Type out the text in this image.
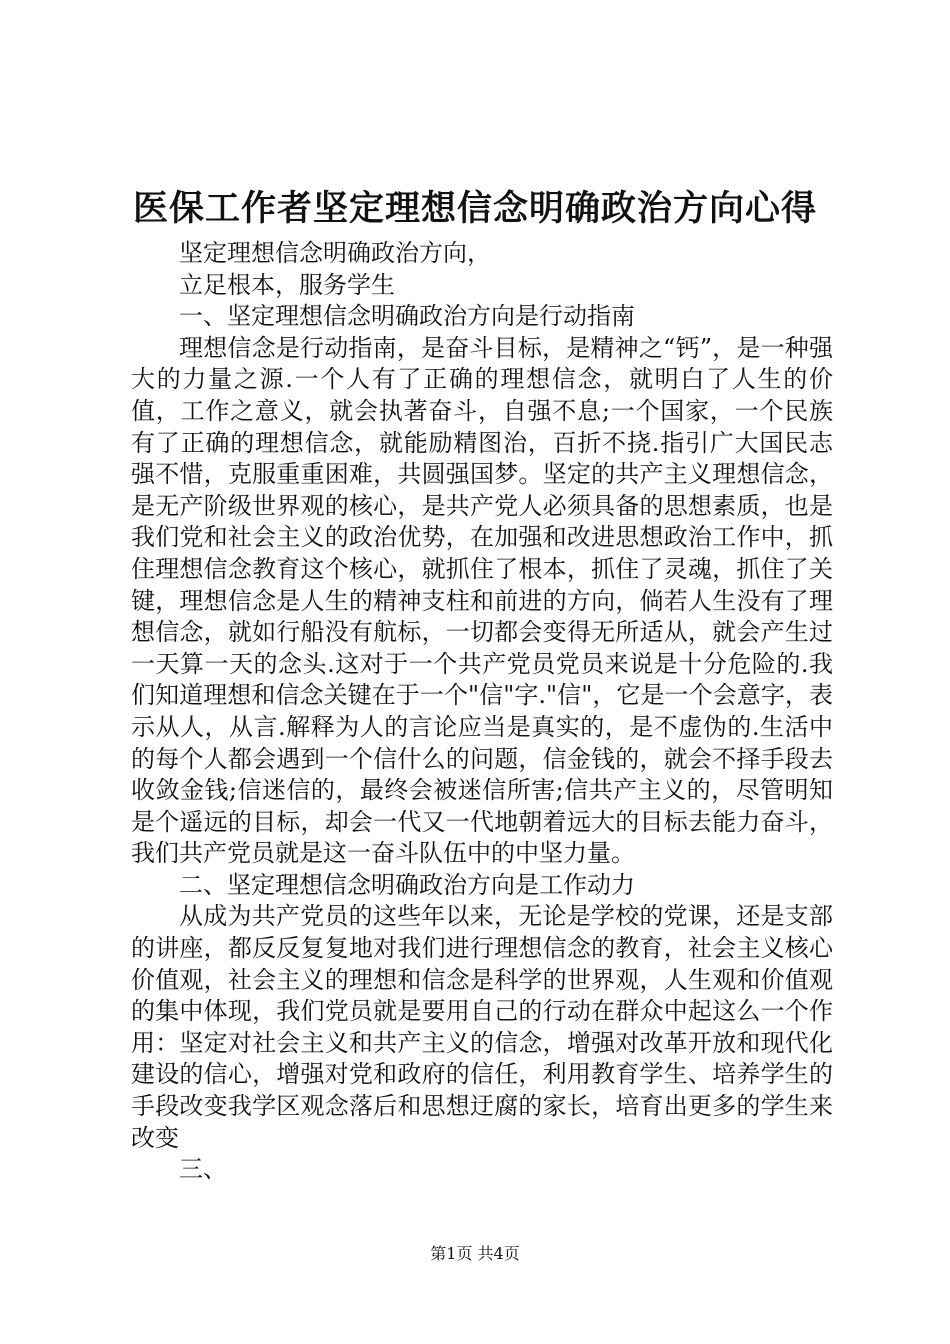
医保工作者坚定理想信念明确政治方向心得

坚定理想信念明确政治方向，

立足根本，服务学生

一、坚定理想信念明确政治方向是行动指南

理想信念是行动指南，是奋斗目标，是精神之“钙”，是一种强大的力量之源.一个人有了正确的理想信念，就明白了人生的价值，工作之意义，就会执著奋斗，自强不息;一个国家，一个民族有了正确的理想信念，就能励精图治，百折不挠.指引广大国民志强不惜，克服重重困难，共圆强国梦。坚定的共产主义理想信念，是无产阶级世界观的核心，是共产党人必须具备的思想素质，也是我们党和社会主义的政治优势，在加强和改进思想政治工作中，抓住理想信念教育这个核心，就抓住了根本，抓住了灵魂，抓住了关键，理想信念是人生的精神支柱和前进的方向，倘若人生没有了理想信念，就如行船没有航标，一切都会变得无所适从，就会产生过一天算一天的念头.这对于一个共产党员党员来说是十分危险的.我们知道理想和信念关键在于一个"信"字."信"，它是一个会意字，表示从人，从言.解释为人的言论应当是真实的，是不虚伪的.生活中的每个人都会遇到一个信什么的问题，信金钱的，就会不择手段去收敛金钱;信迷信的，最终会被迷信所害;信共产主义的，尽管明知是个遥远的目标，却会一代又一代地朝着远大的目标去能力奋斗，我们共产党员就是这一奋斗队伍中的中坚力量。

二、坚定理想信念明确政治方向是工作动力

从成为共产党员的这些年以来，无论是学校的党课，还是支部的讲座，都反反复复地对我们进行理想信念的教育，社会主义核心价值观，社会主义的理想和信念是科学的世界观，人生观和价值观的集中体现，我们党员就是要用自己的行动在群众中起这么一个作用：坚定对社会主义和共产主义的信念，增强对改革开放和现代化建设的信心，增强对党和政府的信任，利用教育学生、培养学生的手段改变我学区观念落后和思想迂腐的家长，培育出更多的学生来改变

三、

第1页 共4页
